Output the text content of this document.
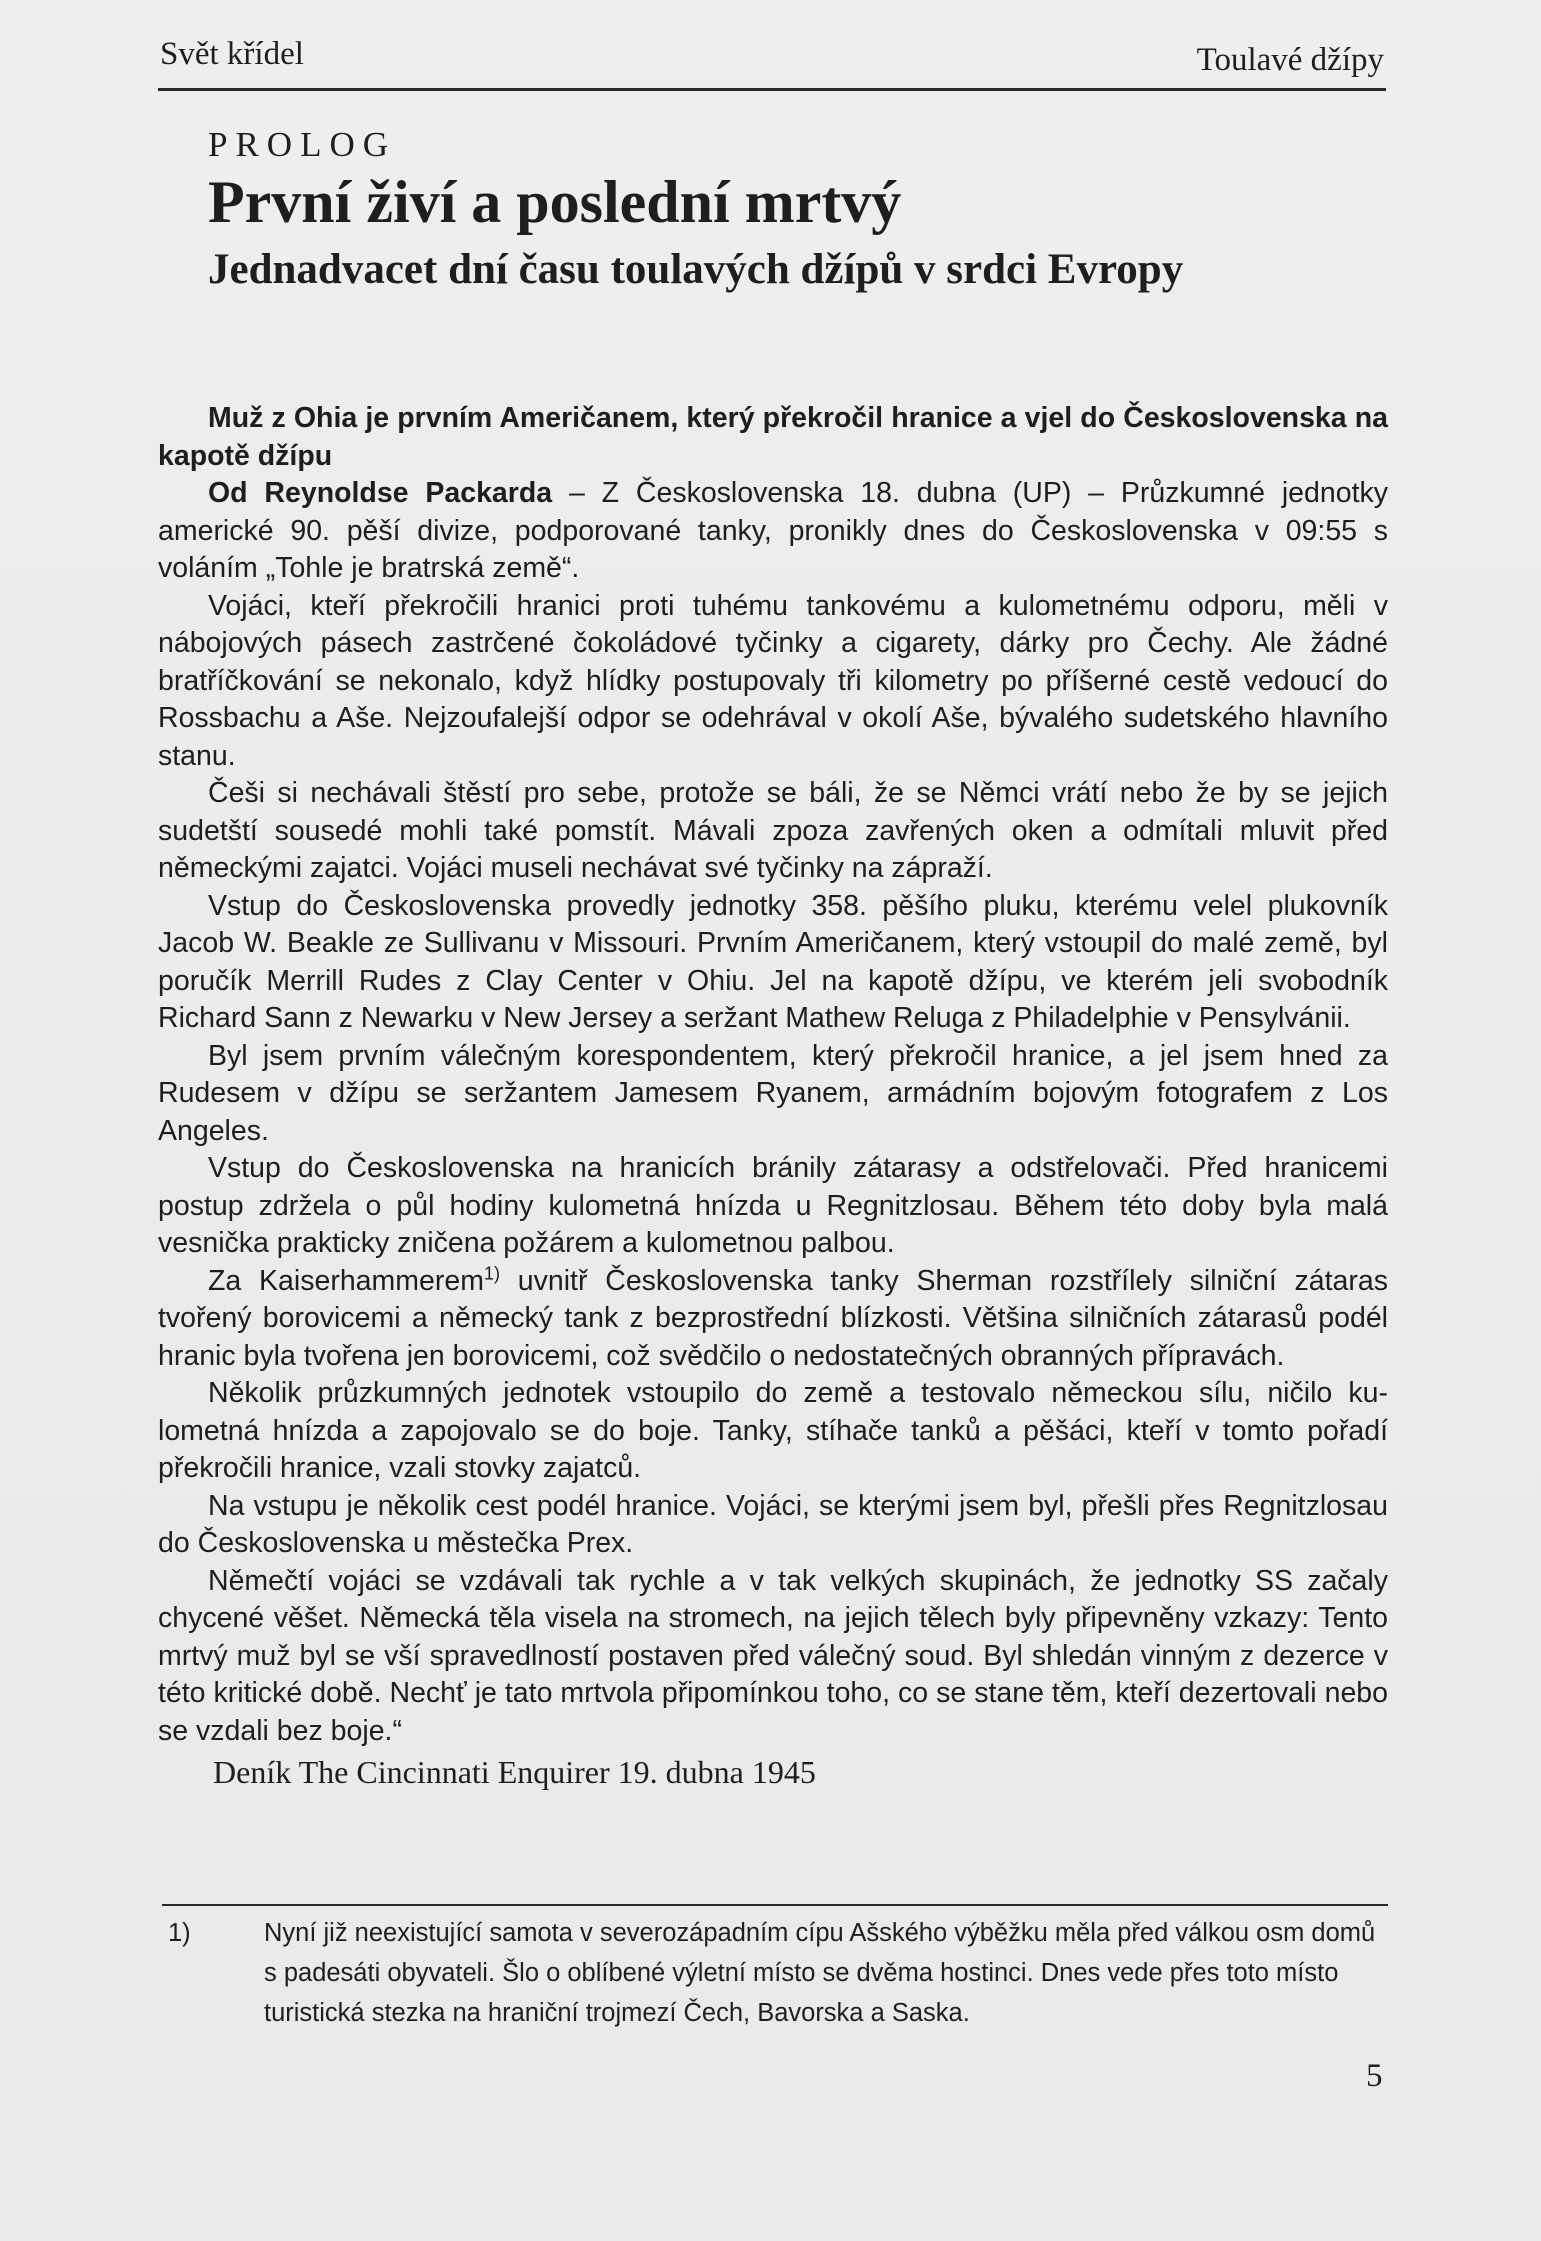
Svět křídel	Toulavé džípy
PROLOG
První živí a poslední mrtvý
Jednadvacet dní času toulavých džípů v srdci Evropy

Muž z Ohia je prvním Američanem, který překročil hranice a vjel do Československa na kapotě džípu

Od Reynoldse Packarda – Z Československa 18. dubna (UP) – Průzkumné jednotky americké 90. pěší divize, podporované tanky, pronikly dnes do Československa v 09:55 s voláním „Tohle je bratrská země“.

Vojáci, kteří překročili hranici proti tuhému tankovému a kulometnému odporu, měli v nábojových pásech zastrčené čokoládové tyčinky a cigarety, dárky pro Čechy. Ale žádné bratříčkování se nekonalo, když hlídky postupovaly tři kilometry po příšerné cestě vedoucí do Rossbachu a Aše. Nejzoufalejší odpor se odehrával v okolí Aše, bývalého sudetského hlavního stanu.

Češi si nechávali štěstí pro sebe, protože se báli, že se Němci vrátí nebo že by se jejich sudetští sousedé mohli také pomstít. Mávali zpoza zavřených oken a odmítali mluvit před německými zajatci. Vojáci museli nechávat své tyčinky na zápraží.

Vstup do Československa provedly jednotky 358. pěšího pluku, kterému velel plukovník Jacob W. Beakle ze Sullivanu v Missouri. Prvním Američanem, který vstoupil do malé země, byl poručík Merrill Rudes z Clay Center v Ohiu. Jel na kapotě džípu, ve kterém jeli svobodník Richard Sann z Newarku v New Jersey a seržant Mathew Reluga z Philadelphie v Pensylvánii.

Byl jsem prvním válečným korespondentem, který překročil hranice, a jel jsem hned za Rudesem v džípu se seržantem Jamesem Ryanem, armádním bojovým fotografem z Los Angeles.

Vstup do Československa na hranicích bránily zátarasy a odstřelovači. Před hranicemi postup zdržela o půl hodiny kulometná hnízda u Regnitzlosau. Během této doby byla malá vesnička prakticky zničena požárem a kulometnou palbou.

Za Kaiserhammerem$^{1)}$ uvnitř Československa tanky Sherman rozstřílely silniční zátaras tvořený borovicemi a německý tank z bezprostřední blízkosti. Většina silničních zátarasů podél hranic byla tvořena jen borovicemi, což svědčilo o nedostatečných obranných přípravách.

Několik průzkumných jednotek vstoupilo do země a testovalo německou sílu, ničilo kulometná hnízda a zapojovalo se do boje. Tanky, stíhače tanků a pěšáci, kteří v tomto pořadí překročili hranice, vzali stovky zajatců.

Na vstupu je několik cest podél hranice. Vojáci, se kterými jsem byl, přešli přes Regnitzlosau do Československa u městečka Prex.

Němečtí vojáci se vzdávali tak rychle a v tak velkých skupinách, že jednotky SS začaly chycené věšet. Německá těla visela na stromech, na jejich tělech byly připevněny vzkazy: Tento mrtvý muž byl se vší spravedlností postaven před válečný soud. Byl shledán vinným z dezerce v této kritické době. Nechť je tato mrtvola připomínkou toho, co se stane těm, kteří dezertovali nebo se vzdali bez boje.“

Deník The Cincinnati Enquirer 19. dubna 1945

1)	Nyní již neexistující samota v severozápadním cípu Ašského výběžku měla před válkou osm domů s padesáti obyvateli. Šlo o oblíbené výletní místo se dvěma hostinci. Dnes vede přes toto místo turistická stezka na hraniční trojmezí Čech, Bavorska a Saska.
5
